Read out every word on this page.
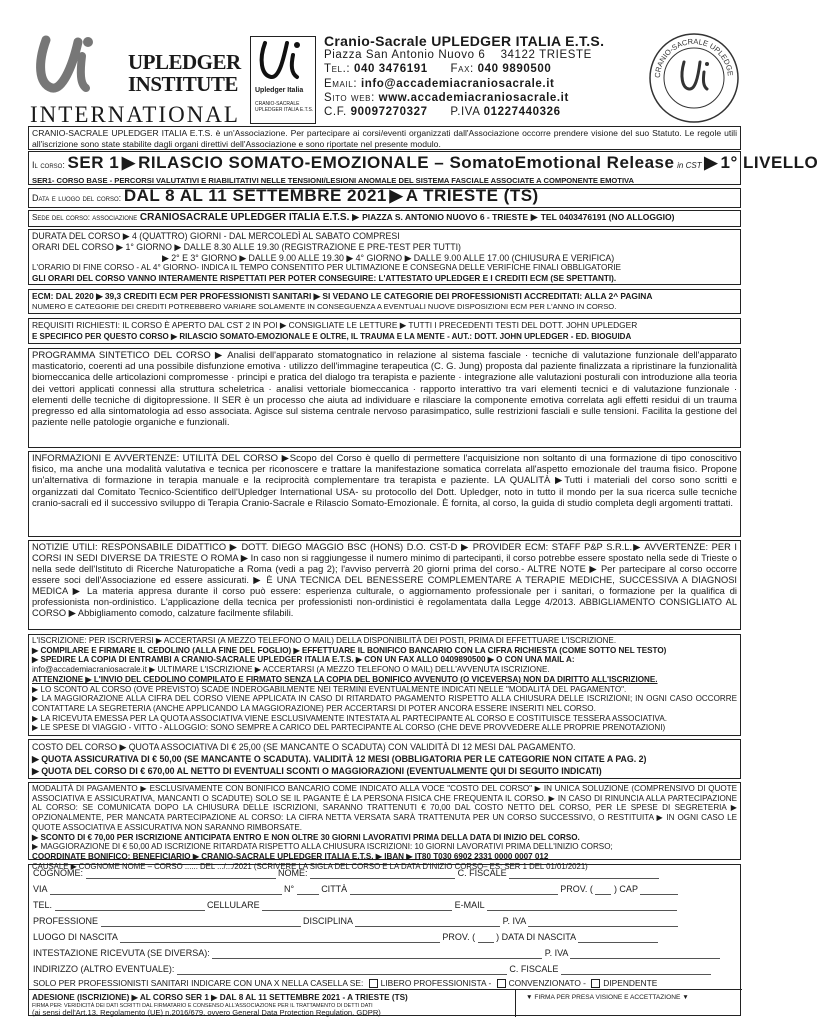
UPLEDGER
INSTITUTE
INTERNATIONAL
Upledger Italia
CRANIO-SACRALE UPLEDGER ITALIA E.T.S.
Cranio-Sacrale UPLEDGER ITALIA E.T.S.
Piazza San Antonio Nuovo 6 34122 TRIESTE
Tel.: 040 3476191 Fax: 040 9890500
Email: info@accademiacraniosacrale.it
Sito web: www.accademiacraniosacrale.it
C.F. 90097270327 P.IVA 01227440326
CRANIO-SACRALE UPLEDGE
CRANIO-SACRALE UPLEDGER ITALIA E.T.S. è un'Associazione. Per partecipare ai corsi/eventi organizzati dall'Associazione occorre prendere visione del suo Statuto. Le regole utili all'iscrizione sono state stabilite dagli organi direttivi dell'Associazione e sono riportate nel presente modulo.
Il corso: SER 1 ▶ RILASCIO SOMATO-EMOZIONALE – SomatoEmotional Release in CST ▶ 1° LIVELLO
SER1- CORSO BASE - PERCORSI VALUTATIVI E RIABILITATIVI NELLE TENSIONI/LESIONI ANOMALE DEL SISTEMA FASCIALE ASSOCIATE A COMPONENTE EMOTIVA
Data e luogo del corso: DAL 8 AL 11 SETTEMBRE 2021 ▶ A TRIESTE (TS)
Sede del corso: associazione CRANIOSACRALE UPLEDGER ITALIA E.T.S. ▶ PIAZZA S. ANTONIO NUOVO 6 - TRIESTE ▶ TEL 0403476191 (NO ALLOGGIO)
DURATA DEL CORSO ▶ 4 (QUATTRO) GIORNI - DAL MERCOLEDÌ AL SABATO COMPRESI
ORARI DEL CORSO ▶ 1° GIORNO ▶ DALLE 8.30 ALLE 19.30 (REGISTRAZIONE E PRE-TEST PER TUTTI)
▶ 2° E 3° GIORNO ▶ DALLE 9.00 ALLE 19.30 ▶ 4° GIORNO ▶ DALLE 9.00 ALLE 17.00 (CHIUSURA E VERIFICA)
L'ORARIO DI FINE CORSO - AL 4° GIORNO- INDICA IL TEMPO CONSENTITO PER ULTIMAZIONE E CONSEGNA DELLE VERIFICHE FINALI OBBLIGATORIE
GLI ORARI DEL CORSO VANNO INTERAMENTE RISPETTATI PER POTER CONSEGUIRE: L'ATTESTATO UPLEDGER E I CREDITI ECM (SE SPETTANTI).
ECM: DAL 2020 ▶ 39,3 CREDITI ECM PER PROFESSIONISTI SANITARI ▶ SI VEDANO LE CATEGORIE DEI PROFESSIONISTI ACCREDITATI: ALLA 2^ PAGINA
NUMERO E CATEGORIE DEI CREDITI POTREBBERO VARIARE SOLAMENTE IN CONSEGUENZA A EVENTUALI NUOVE DISPOSIZIONI ECM PER L'ANNO IN CORSO.
REQUISITI RICHIESTI: IL CORSO È APERTO DAL CST 2 IN POI ▶ CONSIGLIATE LE LETTURE ▶ TUTTI I PRECEDENTI TESTI DEL DOTT. JOHN UPLEDGER
E SPECIFICO PER QUESTO CORSO ▶ RILASCIO SOMATO-EMOZIONALE E OLTRE, IL TRAUMA E LA MENTE - AUT.: DOTT. JOHN UPLEDGER - ED. BIOGUIDA
PROGRAMMA SINTETICO DEL CORSO ▶ Analisi dell'apparato stomatognatico in relazione al sistema fasciale · tecniche di valutazione funzionale dell'apparato masticatorio, coerenti ad una possibile disfunzione emotiva · utilizzo dell'immagine terapeutica (C. G. Jung) proposta dal paziente finalizzata a ripristinare la funzionalità biomeccanica delle articolazioni compromesse · principi e pratica del dialogo tra terapista e paziente · integrazione alle valutazioni posturali con introduzione alla teoria dei vettori applicati connessi alla struttura scheletrica · analisi vettoriale biomeccanica · rapporto interattivo tra vari elementi tecnici e di valutazione funzionale · elementi delle tecniche di digitopressione. Il SER è un processo che aiuta ad individuare e rilasciare la componente emotiva correlata agli effetti residui di un trauma pregresso ed alla sintomatologia ad esso associata. Agisce sul sistema centrale nervoso parasimpatico, sulle restrizioni fasciali e sulle tensioni. Facilita la gestione del paziente nelle patologie organiche e funzionali.
INFORMAZIONI E AVVERTENZE: UTILITÀ DEL CORSO ▶Scopo del Corso è quello di permettere l'acquisizione non soltanto di una formazione di tipo conoscitivo fisico, ma anche una modalità valutativa e tecnica per riconoscere e trattare la manifestazione somatica correlata all'aspetto emozionale del trauma fisico. Propone un'alternativa di formazione in terapia manuale e la reciprocità complementare tra terapista e paziente. LA QUALITÀ ▶Tutti i materiali del corso sono scritti e organizzati dal Comitato Tecnico-Scientifico dell'Upledger International USA- su protocollo del Dott. Upledger, noto in tutto il mondo per la sua ricerca sulle tecniche cranio-sacrali ed il successivo sviluppo di Terapia Cranio-Sacrale e Rilascio Somato-Emozionale. È fornita, al corso, la guida di studio completa degli argomenti trattati.
NOTIZIE UTILI: RESPONSABILE DIDATTICO ▶ DOTT. DIEGO MAGGIO BSC (HONS) D.O. CST-D ▶ PROVIDER ECM: STAFF P&P S.R.L.▶ AVVERTENZE: PER I CORSI IN SEDI DIVERSE DA TRIESTE O ROMA ▶ In caso non si raggiungesse il numero minimo di partecipanti, il corso potrebbe essere spostato nella sede di Trieste o nella sede dell'Istituto di Ricerche Naturopatiche a Roma (vedi a pag 2); l'avviso perverrà 20 giorni prima del corso.- ALTRE NOTE ▶ Per partecipare al corso occorre essere soci dell'Associazione ed essere assicurati. ▶ È UNA TECNICA DEL BENESSERE COMPLEMENTARE A TERAPIE MEDICHE, SUCCESSIVA A DIAGNOSI MEDICA ▶ La materia appresa durante il corso può essere: esperienza culturale, o aggiornamento professionale per i sanitari, o formazione per la qualifica di professionista non-ordinistico. L'applicazione della tecnica per professionisti non-ordinistici è regolamentata dalla Legge 4/2013. ABBIGLIAMENTO CONSIGLIATO AL CORSO ▶ Abbigliamento comodo, calzature facilmente sfilabili.
L'ISCRIZIONE: PER ISCRIVERSI ▶ ACCERTARSI (A MEZZO TELEFONO O MAIL) DELLA DISPONIBILITÀ DEI POSTI, PRIMA DI EFFETTUARE L'ISCRIZIONE.
▶ COMPILARE E FIRMARE IL CEDOLINO (ALLA FINE DEL FOGLIO) ▶ EFFETTUARE IL BONIFICO BANCARIO CON LA CIFRA RICHIESTA (COME SOTTO NEL TESTO)
▶ SPEDIRE LA COPIA DI ENTRAMBI A CRANIO-SACRALE UPLEDGER ITALIA E.T.S. ▶ CON UN FAX ALLO 0409890500 ▶ O CON UNA MAIL A:
info@accademiacraniosacrale.it ▶ ULTIMARE L'ISCRIZIONE ▶ ACCERTARSI (A MEZZO TELEFONO O MAIL) DELL'AVVENUTA ISCRIZIONE.
ATTENZIONE ▶ L'INVIO DEL CEDOLINO COMPILATO E FIRMATO SENZA LA COPIA DEL BONIFICO AVVENUTO (O VICEVERSA) NON DA DIRITTO ALL'ISCRIZIONE.
▶ LO SCONTO AL CORSO (OVE PREVISTO) SCADE INDEROGABILMENTE NEI TERMINI EVENTUALMENTE INDICATI NELLE "MODALITÀ DEL PAGAMENTO".
▶ LA MAGGIORAZIONE ALLA CIFRA DEL CORSO VIENE APPLICATA IN CASO DI RITARDATO PAGAMENTO RISPETTO ALLA CHIUSURA DELLE ISCRIZIONI; IN OGNI CASO OCCORRE CONTATTARE LA SEGRETERIA (ANCHE APPLICANDO LA MAGGIORAZIONE) PER ACCERTARSI DI POTER ANCORA ESSERE INSERITI NEL CORSO.
▶ LA RICEVUTA EMESSA PER LA QUOTA ASSOCIATIVA VIENE ESCLUSIVAMENTE INTESTATA AL PARTECIPANTE AL CORSO E COSTITUISCE TESSERA ASSOCIATIVA.
▶ LE SPESE DI VIAGGIO - VITTO - ALLOGGIO: SONO SEMPRE A CARICO DEL PARTECIPANTE AL CORSO (CHE DEVE PROVVEDERE ALLE PROPRIE PRENOTAZIONI)
COSTO DEL CORSO ▶ QUOTA ASSOCIATIVA DI € 25,00 (SE MANCANTE O SCADUTA) CON VALIDITÀ DI 12 MESI DAL PAGAMENTO.
▶ QUOTA ASSICURATIVA DI € 50,00 (SE MANCANTE O SCADUTA). VALIDITÀ 12 MESI (OBBLIGATORIA PER LE CATEGORIE NON CITATE A PAG. 2)
▶ QUOTA DEL CORSO DI € 670,00 AL NETTO DI EVENTUALI SCONTI O MAGGIORAZIONI (EVENTUALMENTE QUI DI SEGUITO INDICATI)
MODALITÀ DI PAGAMENTO ▶ ESCLUSIVAMENTE CON BONIFICO BANCARIO COME INDICATO ALLA VOCE "COSTO DEL CORSO" ▶ IN UNICA SOLUZIONE (COMPRENSIVO DI QUOTE ASSOCIATIVA E ASSICURATIVA, MANCANTI O SCADUTE) SOLO SE IL PAGANTE È LA PERSONA FISICA CHE FREQUENTA IL CORSO. ▶ IN CASO DI RINUNCIA ALLA PARTECIPAZIONE AL CORSO: SE COMUNICATA DOPO LA CHIUSURA DELLE ISCRIZIONI, SARANNO TRATTENUTI € 70,00 DAL COSTO NETTO DEL CORSO, PER LE SPESE DI SEGRETERIA ▶ OPZIONALMENTE, PER MANCATA PARTECIPAZIONE AL CORSO: LA CIFRA NETTA VERSATA SARÀ TRATTENUTA PER UN CORSO SUCCESSIVO, O RESTITUITA ▶ IN OGNI CASO LE QUOTE ASSOCIATIVA E ASSICURATIVA NON SARANNO RIMBORSATE.
▶ SCONTO DI € 70,00 PER ISCRIZIONE ANTICIPATA ENTRO E NON OLTRE 30 GIORNI LAVORATIVI PRIMA DELLA DATA DI INIZIO DEL CORSO.
▶ MAGGIORAZIONE DI € 50,00 AD ISCRIZIONE RITARDATA RISPETTO ALLA CHIUSURA ISCRIZIONI: 10 GIORNI LAVORATIVI PRIMA DELL'INIZIO CORSO;
COORDINATE BONIFICO: BENEFICIARIO ▶ CRANIO-SACRALE UPLEDGER ITALIA E.T.S. ▶ IBAN ▶ IT80 T030 6902 2331 0000 0007 012
CAUSALE ▶ COGNOME NOME – CORSO ...... DEL .../.../2021 (SCRIVERE LA SIGLA DEL CORSO E LA DATA D'INIZIO CORSO– ES: SER 1 DEL 01/01/2021)
COGNOME:	NOME:	C. FISCALE
VIA	N°	CITTÀ	PROV. ( ) CAP
TEL.	CELLULARE	E-MAIL
PROFESSIONE	DISCIPLINA	P. IVA
LUOGO DI NASCITA	PROV. ( ) DATA DI NASCITA
INTESTAZIONE RICEVUTA (SE DIVERSA):	P. IVA
INDIRIZZO (ALTRO EVENTUALE):	C. FISCALE
SOLO PER PROFESSIONISTI SANITARI INDICARE CON UNA X NELLA CASELLA SE: LIBERO PROFESSIONISTA - CONVENZIONATO - DIPENDENTE
ADESIONE (ISCRIZIONE) ▶ AL CORSO SER 1 ▶ DAL 8 AL 11 SETTEMBRE 2021 - A TRIESTE (TS)
FIRMA PER: VERIDICITÀ DEI DATI SCRITTI DAL FIRMATARIO E CONSENSO ALL'ASSOCIAZIONE PER IL TRATTAMENTO DI DETTI DATI
(ai sensi dell'Art.13, Regolamento (UE) n.2016/679, ovvero General Data Protection Regulation, GDPR)
▼ FIRMA PER PRESA VISIONE E ACCETTAZIONE ▼
